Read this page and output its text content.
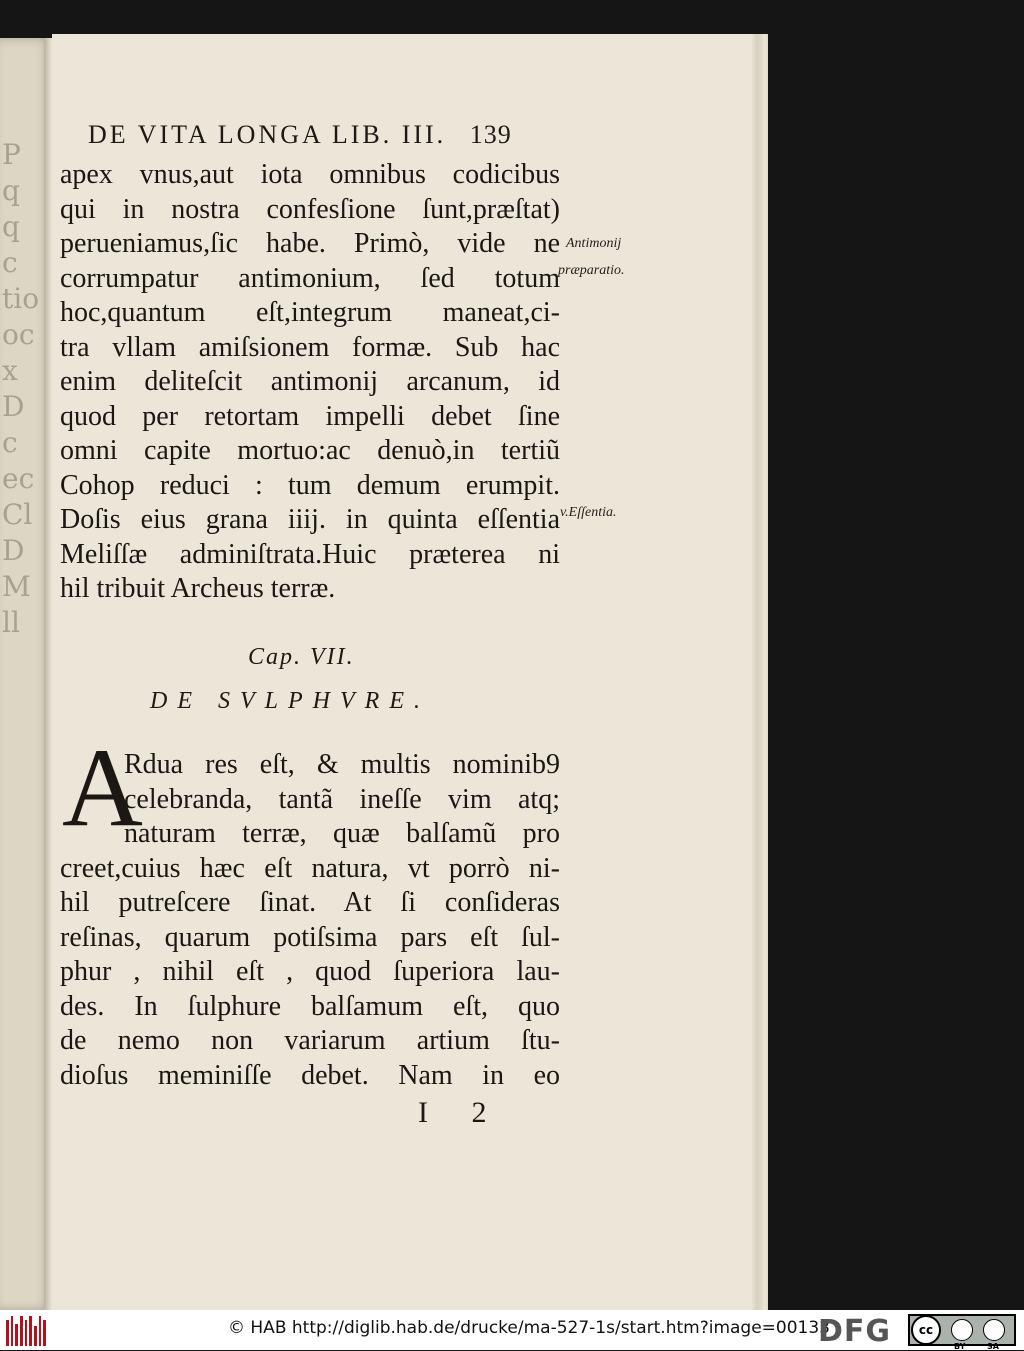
P
q
q
c
tio
oc
x
D
c
ec
Cl
D
M
ll
DE VITA LONGA LIB. III. 139
apex vnus,aut iota omnibus codicibus
qui in nostra confesſione ſunt,præſtat)
perueniamus,ſic habe. Primò, vide ne
corrumpatur antimonium, ſed totum
hoc,quantum eſt,integrum maneat,ci-
tra vllam amiſsionem formæ. Sub hac
enim deliteſcit antimonij arcanum, id
quod per retortam impelli debet ſine
omni capite mortuo:ac denuò,in tertiũ
Cohop reduci : tum demum erumpit.
Doſis eius grana iiij. in quinta eſſentia
Meliſſæ adminiſtrata.Huic præterea ni
hil tribuit Archeus terræ.
Antimonij
præparatio.
v.Eſſentia.
Cap. VII.
DE SVLPHVRE.
A
Rdua res eſt, & multis nominib9
celebranda, tantã ineſſe vim atq;
naturam terræ, quæ balſamũ pro
creet,cuius hæc eſt natura, vt porrò ni-
hil putreſcere ſinat. At ſi conſideras
reſinas, quarum potiſsima pars eſt ſul-
phur , nihil eſt , quod ſuperiora lau-
des. In ſulphure balſamum eſt, quo
de nemo non variarum artium ſtu-
dioſus meminiſſe debet. Nam in eo
I 2
© HAB http://diglib.hab.de/drucke/ma-527-1s/start.htm?image=00133
DFG	cc
BY	SA
